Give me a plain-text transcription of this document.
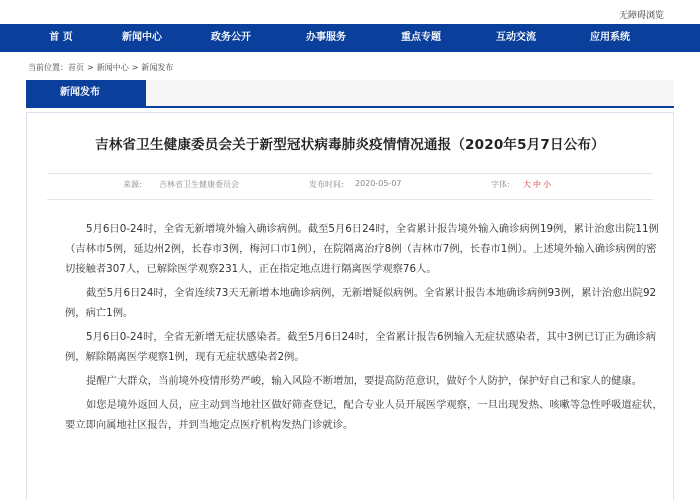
无障碍浏览
首 页	新闻中心	政务公开	办事服务	重点专题	互动交流	应用系统
当前位置：首页 > 新闻中心 > 新闻发布
新闻发布
吉林省卫生健康委员会关于新型冠状病毒肺炎疫情情况通报（2020年5月7日公布）
来源: 吉林省卫生健康委员会	发布时间: 2020-05-07	字体: 大 中 小

5月6日0-24时，全省无新增境外输入确诊病例。截至5月6日24时，全省累计报告境外输入确诊病例19例，累计治愈出院11例（吉林市5例，延边州2例，长春市3例，梅河口市1例），在院隔离治疗8例（吉林市7例，长春市1例）。上述境外输入确诊病例的密切接触者307人，已解除医学观察231人，正在指定地点进行隔离医学观察76人。

截至5月6日24时，全省连续73天无新增本地确诊病例，无新增疑似病例。全省累计报告本地确诊病例93例，累计治愈出院92例，病亡1例。

5月6日0-24时，全省无新增无症状感染者。截至5月6日24时，全省累计报告6例输入无症状感染者，其中3例已订正为确诊病例，解除隔离医学观察1例，现有无症状感染者2例。

提醒广大群众，当前境外疫情形势严峻，输入风险不断增加，要提高防范意识，做好个人防护，保护好自己和家人的健康。

如您是境外返回人员，应主动到当地社区做好筛查登记，配合专业人员开展医学观察，一旦出现发热、咳嗽等急性呼吸道症状，要立即向属地社区报告，并到当地定点医疗机构发热门诊就诊。
